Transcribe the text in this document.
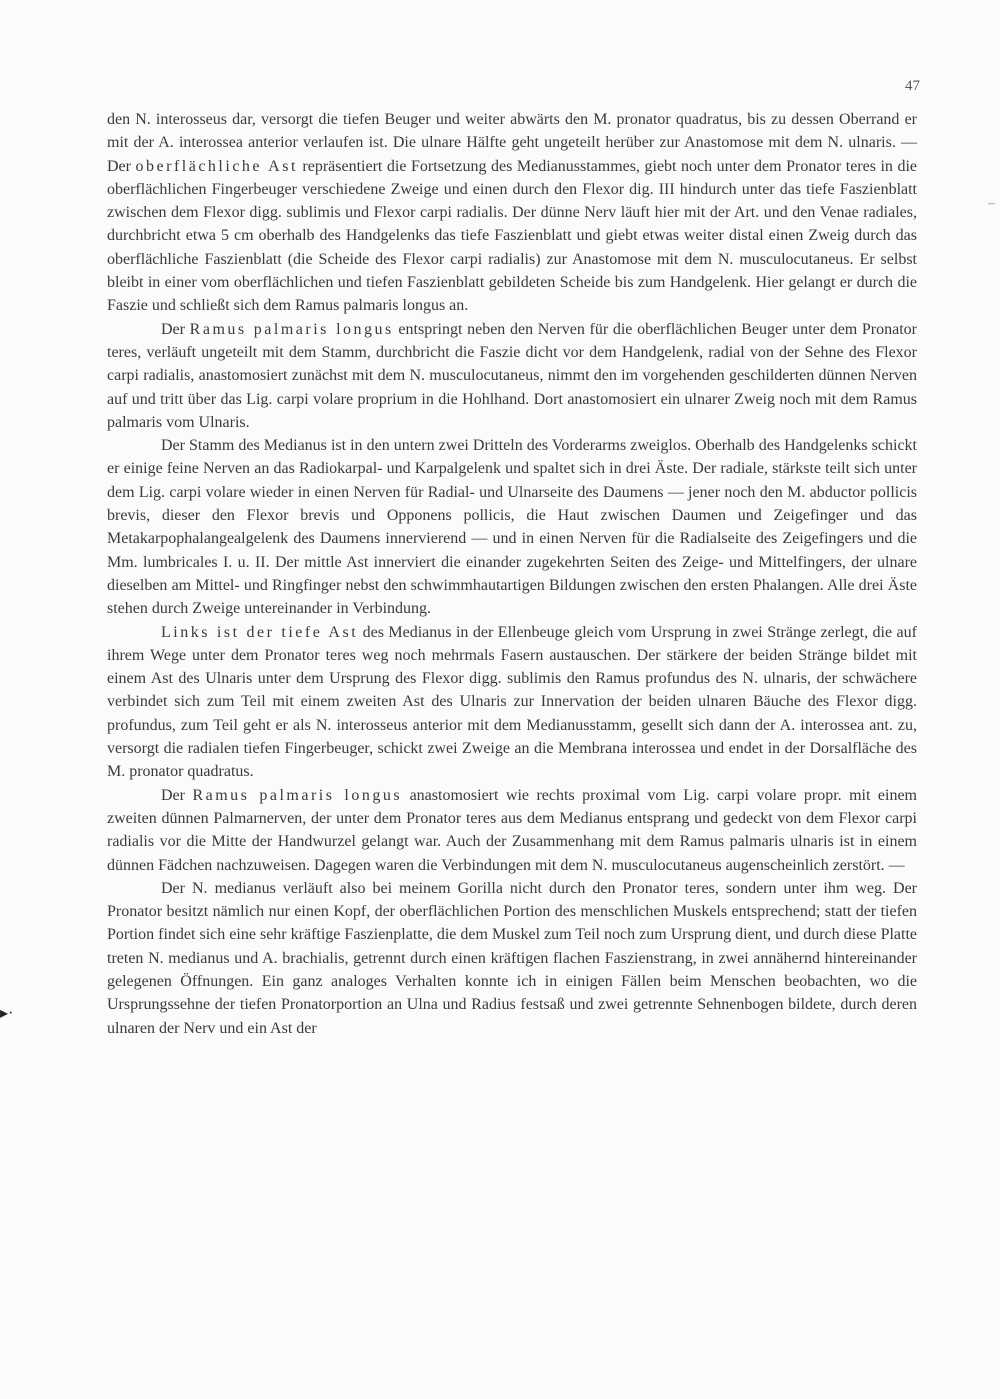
47
–
▸·

den N. interosseus dar, versorgt die tiefen Beuger und weiter abwärts den M. pronator quadratus, bis zu dessen Oberrand er mit der A. interossea anterior verlaufen ist. Die ulnare Hälfte geht ungeteilt herüber zur Anastomose mit dem N. ulnaris. — Der oberflächliche Ast repräsentiert die Fortsetzung des Medianusstammes, giebt noch unter dem Pronator teres in die oberflächlichen Fingerbeuger verschiedene Zweige und einen durch den Flexor dig. III hindurch unter das tiefe Faszienblatt zwischen dem Flexor digg. sublimis und Flexor carpi radialis. Der dünne Nerv läuft hier mit der Art. und den Venae radiales, durchbricht etwa 5 cm oberhalb des Handgelenks das tiefe Faszienblatt und giebt etwas weiter distal einen Zweig durch das oberflächliche Faszienblatt (die Scheide des Flexor carpi radialis) zur Anastomose mit dem N. musculocutaneus. Er selbst bleibt in einer vom oberflächlichen und tiefen Faszienblatt gebildeten Scheide bis zum Handgelenk. Hier gelangt er durch die Faszie und schließt sich dem Ramus palmaris longus an.

Der Ramus palmaris longus entspringt neben den Nerven für die oberflächlichen Beuger unter dem Pronator teres, verläuft ungeteilt mit dem Stamm, durchbricht die Faszie dicht vor dem Handgelenk, radial von der Sehne des Flexor carpi radialis, anastomosiert zunächst mit dem N. musculocutaneus, nimmt den im vorgehenden geschilderten dünnen Nerven auf und tritt über das Lig. carpi volare proprium in die Hohlhand. Dort anastomosiert ein ulnarer Zweig noch mit dem Ramus palmaris vom Ulnaris.

Der Stamm des Medianus ist in den untern zwei Dritteln des Vorderarms zweiglos. Oberhalb des Handgelenks schickt er einige feine Nerven an das Radiokarpal- und Karpalgelenk und spaltet sich in drei Äste. Der radiale, stärkste teilt sich unter dem Lig. carpi volare wieder in einen Nerven für Radial- und Ulnarseite des Daumens — jener noch den M. abductor pollicis brevis, dieser den Flexor brevis und Opponens pollicis, die Haut zwischen Daumen und Zeigefinger und das Metakarpophalangealgelenk des Daumens innervierend — und in einen Nerven für die Radialseite des Zeigefingers und die Mm. lumbricales I. u. II. Der mittle Ast innerviert die einander zugekehrten Seiten des Zeige- und Mittelfingers, der ulnare dieselben am Mittel- und Ringfinger nebst den schwimmhautartigen Bildungen zwischen den ersten Phalangen. Alle drei Äste stehen durch Zweige untereinander in Verbindung.

Links ist der tiefe Ast des Medianus in der Ellenbeuge gleich vom Ursprung in zwei Stränge zerlegt, die auf ihrem Wege unter dem Pronator teres weg noch mehrmals Fasern austauschen. Der stärkere der beiden Stränge bildet mit einem Ast des Ulnaris unter dem Ursprung des Flexor digg. sublimis den Ramus profundus des N. ulnaris, der schwächere verbindet sich zum Teil mit einem zweiten Ast des Ulnaris zur Innervation der beiden ulnaren Bäuche des Flexor digg. profundus, zum Teil geht er als N. interosseus anterior mit dem Medianusstamm, gesellt sich dann der A. interossea ant. zu, versorgt die radialen tiefen Fingerbeuger, schickt zwei Zweige an die Membrana interossea und endet in der Dorsalfläche des M. pronator quadratus.

Der Ramus palmaris longus anastomosiert wie rechts proximal vom Lig. carpi volare propr. mit einem zweiten dünnen Palmarnerven, der unter dem Pronator teres aus dem Medianus entsprang und gedeckt von dem Flexor carpi radialis vor die Mitte der Handwurzel gelangt war. Auch der Zusammenhang mit dem Ramus palmaris ulnaris ist in einem dünnen Fädchen nachzuweisen. Dagegen waren die Verbindungen mit dem N. musculocutaneus augenscheinlich zerstört. —

Der N. medianus verläuft also bei meinem Gorilla nicht durch den Pronator teres, sondern unter ihm weg. Der Pronator besitzt nämlich nur einen Kopf, der oberflächlichen Portion des menschlichen Muskels entsprechend; statt der tiefen Portion findet sich eine sehr kräftige Faszienplatte, die dem Muskel zum Teil noch zum Ursprung dient, und durch diese Platte treten N. medianus und A. brachialis, getrennt durch einen kräftigen flachen Faszienstrang, in zwei annähernd hintereinander gelegenen Öffnungen. Ein ganz analoges Verhalten konnte ich in einigen Fällen beim Menschen beobachten, wo die Ursprungssehne der tiefen Pronatorportion an Ulna und Radius festsaß und zwei getrennte Sehnenbogen bildete, durch deren ulnaren der Nerv und ein Ast der
